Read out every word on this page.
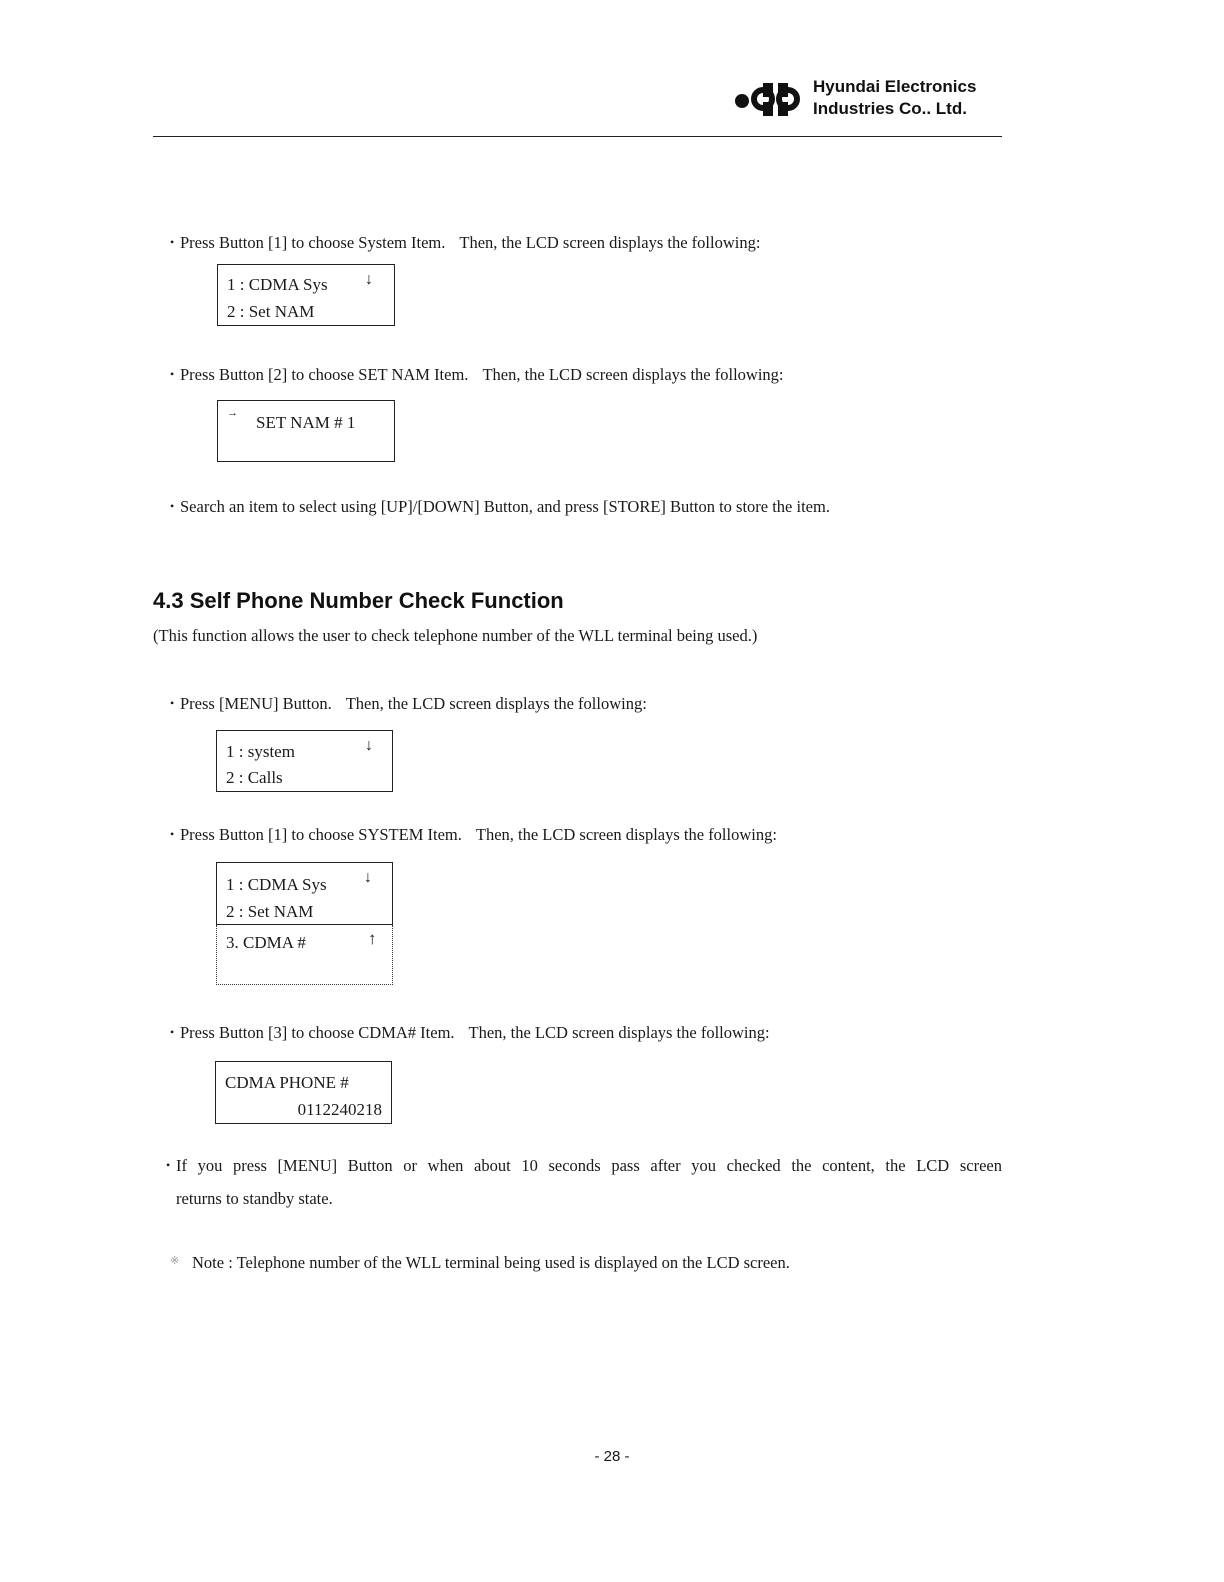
Hyundai Electronics
Industries Co.. Ltd.
• Press Button [1] to choose System Item. Then, the LCD screen displays the following:
1 : CDMA Sys
2 : Set NAM
↓
• Press Button [2] to choose SET NAM Item. Then, the LCD screen displays the following:
→ SET NAM # 1
• Search an item to select using [UP]/[DOWN] Button, and press [STORE] Button to store the item.
4.3 Self Phone Number Check Function
(This function allows the user to check telephone number of the WLL terminal being used.)
• Press [MENU] Button. Then, the LCD screen displays the following:
1 : system
2 : Calls
↓
• Press Button [1] to choose SYSTEM Item. Then, the LCD screen displays the following:
1 : CDMA Sys
2 : Set NAM
↓
3. CDMA #	↑
• Press Button [3] to choose CDMA# Item. Then, the LCD screen displays the following:
CDMA PHONE #
0112240218
• If you press [MENU] Button or when about 10 seconds pass after you checked the content, the LCD screen
returns to standby state.
※ Note : Telephone number of the WLL terminal being used is displayed on the LCD screen.
- 28 -
